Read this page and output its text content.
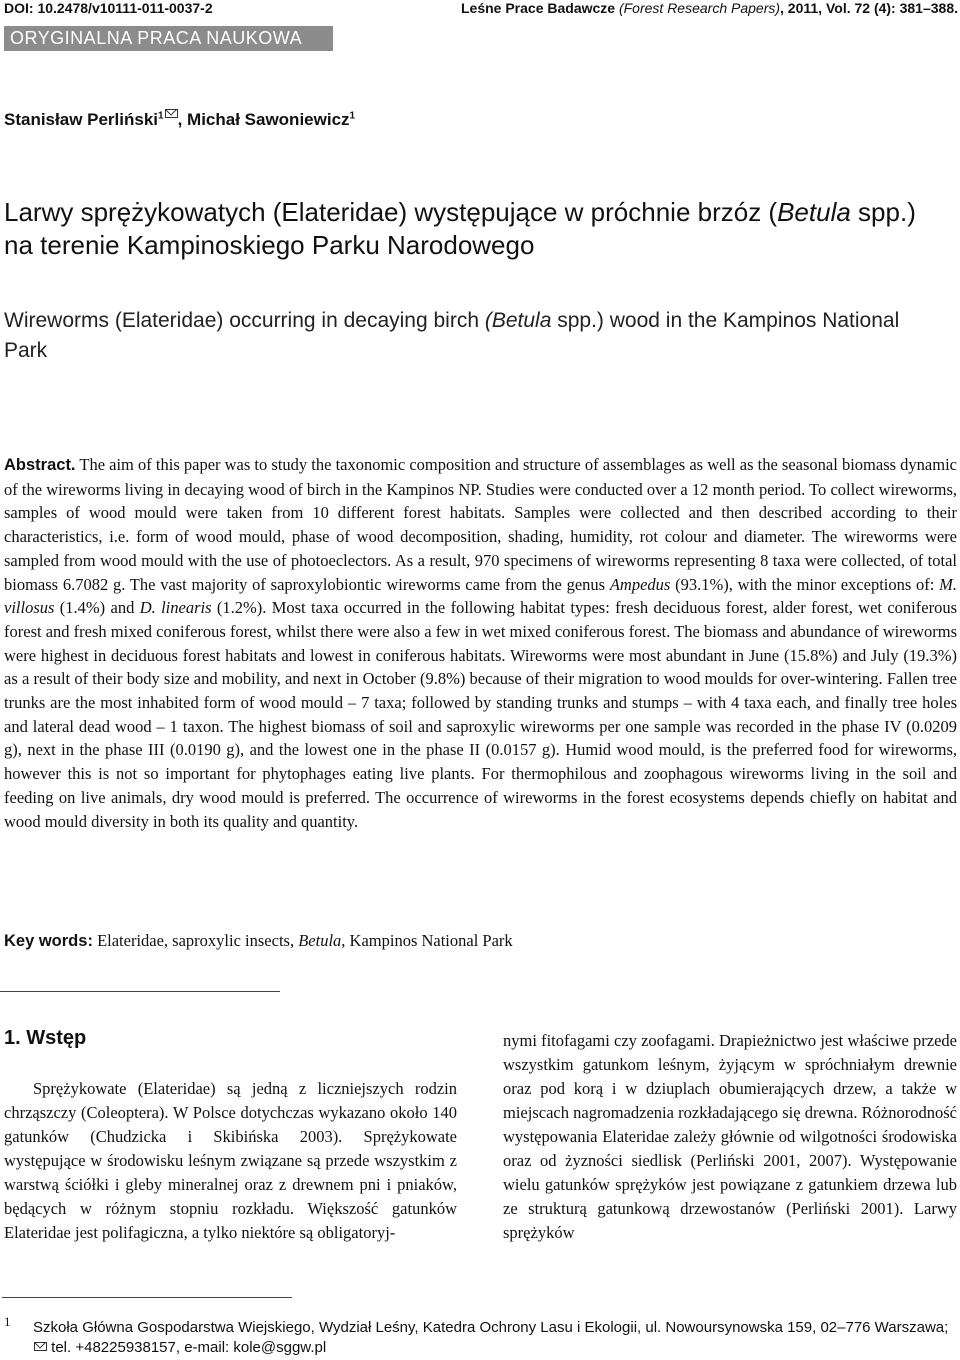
DOI: 10.2478/v10111-011-0037-2	Leśne Prace Badawcze (Forest Research Papers), 2011, Vol. 72 (4): 381–388.
ORYGINALNA PRACA NAUKOWA
Stanisław Perliński$^1$ , Michał Sawoniewicz$^1$
Larwy sprężykowatych (Elateridae) występujące w próchnie brzóz (Betula spp.) na terenie Kampinoskiego Parku Narodowego
Wireworms (Elateridae) occurring in decaying birch (Betula spp.) wood in the Kampinos National Park
Abstract. The aim of this paper was to study the taxonomic composition and structure of assemblages as well as the seasonal biomass dynamic of the wireworms living in decaying wood of birch in the Kampinos NP. Studies were conducted over a 12 month period. To collect wireworms, samples of wood mould were taken from 10 different forest habitats. Samples were collected and then described according to their characteristics, i.e. form of wood mould, phase of wood decomposition, shading, humidity, rot colour and diameter. The wireworms were sampled from wood mould with the use of photoeclectors. As a result, 970 specimens of wireworms representing 8 taxa were collected, of total biomass 6.7082 g. The vast majority of saproxylobiontic wireworms came from the genus Ampedus (93.1%), with the minor exceptions of: M. villosus (1.4%) and D. linearis (1.2%). Most taxa occurred in the following habitat types: fresh deciduous forest, alder forest, wet coniferous forest and fresh mixed coniferous forest, whilst there were also a few in wet mixed coniferous forest. The biomass and abundance of wireworms were highest in deciduous forest habitats and lowest in coniferous habitats. Wireworms were most abundant in June (15.8%) and July (19.3%) as a result of their body size and mobility, and next in October (9.8%) because of their migration to wood moulds for over-wintering. Fallen tree trunks are the most inhabited form of wood mould – 7 taxa; followed by standing trunks and stumps – with 4 taxa each, and finally tree holes and lateral dead wood – 1 taxon. The highest biomass of soil and saproxylic wireworms per one sample was recorded in the phase IV (0.0209 g), next in the phase III (0.0190 g), and the lowest one in the phase II (0.0157 g). Humid wood mould, is the preferred food for wireworms, however this is not so important for phytophages eating live plants. For thermophilous and zoophagous wireworms living in the soil and feeding on live animals, dry wood mould is preferred. The occurrence of wireworms in the forest ecosystems depends chiefly on habitat and wood mould diversity in both its quality and quantity.
Key words: Elateridae, saproxylic insects, Betula, Kampinos National Park
1. Wstęp

Sprężykowate (Elateridae) są jedną z liczniejszych rodzin chrząszczy (Coleoptera). W Polsce dotychczas wykazano około 140 gatunków (Chudzicka i Skibińska 2003). Sprężykowate występujące w środowisku leśnym związane są przede wszystkim z warstwą ściółki i gleby mineralnej oraz z drewnem pni i pniaków, będących w różnym stopniu rozkładu. Większość gatunków Elateridae jest polifagiczna, a tylko niektóre są obligatoryj-

nymi fitofagami czy zoofagami. Drapieżnictwo jest właściwe przede wszystkim gatunkom leśnym, żyjącym w spróchniałym drewnie oraz pod korą i w dziuplach obumierających drzew, a także w miejscach nagromadzenia rozkładającego się drewna. Różnorodność występowania Elateridae zależy głównie od wilgotności środowiska oraz od żyzności siedlisk (Perliński 2001, 2007). Występowanie wielu gatunków sprężyków jest powiązane z gatunkiem drzewa lub ze strukturą gatunkową drzewostanów (Perliński 2001). Larwy sprężyków

1 Szkoła Główna Gospodarstwa Wiejskiego, Wydział Leśny, Katedra Ochrony Lasu i Ekologii, ul. Nowoursynowska 159, 02–776 Warszawa;  tel. +48225938157, e-mail: kole@sggw.pl
